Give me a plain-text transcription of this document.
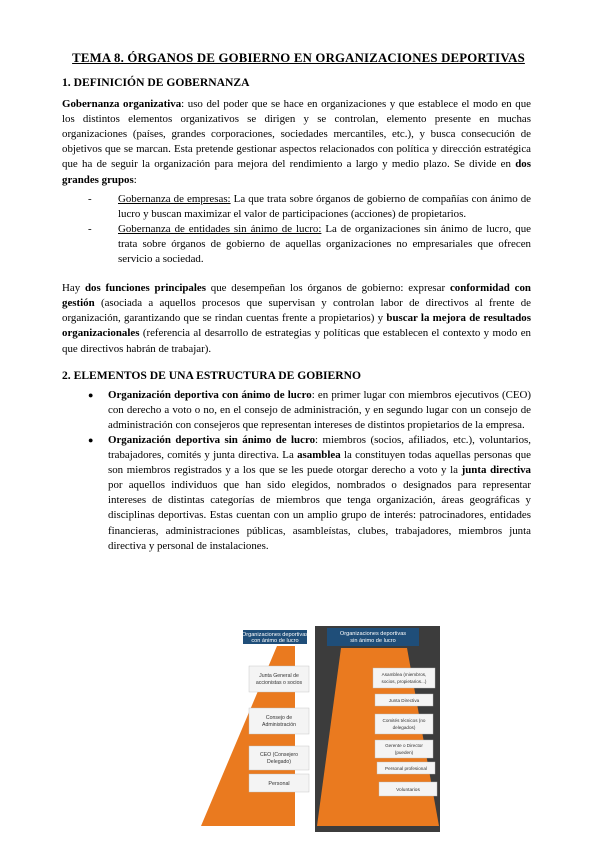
TEMA 8. ÓRGANOS DE GOBIERNO EN ORGANIZACIONES DEPORTIVAS
1. DEFINICIÓN DE GOBERNANZA

Gobernanza organizativa: uso del poder que se hace en organizaciones y que establece el modo en que los distintos elementos organizativos se dirigen y se controlan, elemento presente en muchas organizaciones (países, grandes corporaciones, sociedades mercantiles, etc.), y busca consecución de objetivos que se marcan. Esta pretende gestionar aspectos relacionados con política y dirección estratégica que ha de seguir la organización para mejora del rendimiento a largo y medio plazo. Se divide en dos grandes grupos:

- Gobernanza de empresas: La que trata sobre órganos de gobierno de compañías con ánimo de lucro y buscan maximizar el valor de participaciones (acciones) de propietarios.
- Gobernanza de entidades sin ánimo de lucro: La de organizaciones sin ánimo de lucro, que trata sobre órganos de gobierno de aquellas organizaciones no empresariales que ofrecen servicio a sociedad.

Hay dos funciones principales que desempeñan los órganos de gobierno: expresar conformidad con gestión (asociada a aquellos procesos que supervisan y controlan labor de directivos al frente de organización, garantizando que se rindan cuentas frente a propietarios) y buscar la mejora de resultados organizacionales (referencia al desarrollo de estrategias y políticas que establecen el contexto y modo en que directivos habrán de trabajar).

2. ELEMENTOS DE UNA ESTRUCTURA DE GOBIERNO
● Organización deportiva con ánimo de lucro: en primer lugar con miembros ejecutivos (CEO) con derecho a voto o no, en el consejo de administración, y en segundo lugar con un consejo de administración con consejeros que representan intereses de distintos propietarios de la empresa.
● Organización deportiva sin ánimo de lucro: miembros (socios, afiliados, etc.), voluntarios, trabajadores, comités y junta directiva. La asamblea la constituyen todas aquellas personas que son miembros registrados y a los que se les puede otorgar derecho a voto y la junta directiva por aquellos individuos que han sido elegidos, nombrados o designados para representar intereses de distintas categorías de miembros que tenga organización, áreas geográficas y disciplinas deportivas. Estas cuentan con un amplio grupo de interés: patrocinadores, entidades financieras, administraciones públicas, asambleístas, clubes, trabajadores, miembros junta directiva y personal de instalaciones.
Organizaciones deportivas
con ánimo de lucro
Junta General de
accionistas o socios
Consejo de
Administración
CEO (Consejero
Delegado)
Personal
Organizaciones deportivas
sin ánimo de lucro
Asamblea (miembros,
socios, propietarios...)
Junta Directiva
Comités técnicos (no
delegados)
Gerente o Director
(pueden)
Personal profesional
Voluntarios
